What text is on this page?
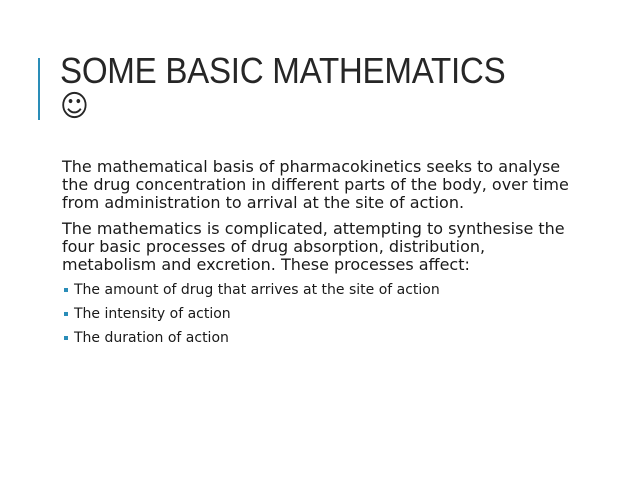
SOME BASIC MATHEMATICS
☺

The mathematical basis of pharmacokinetics seeks to analyse the drug concentration in different parts of the body, over time from administration to arrival at the site of action.

The mathematics is complicated, attempting to synthesise the four basic processes of drug absorption, distribution, metabolism and excretion. These processes affect:

The amount of drug that arrives at the site of action
The intensity of action
The duration of action
